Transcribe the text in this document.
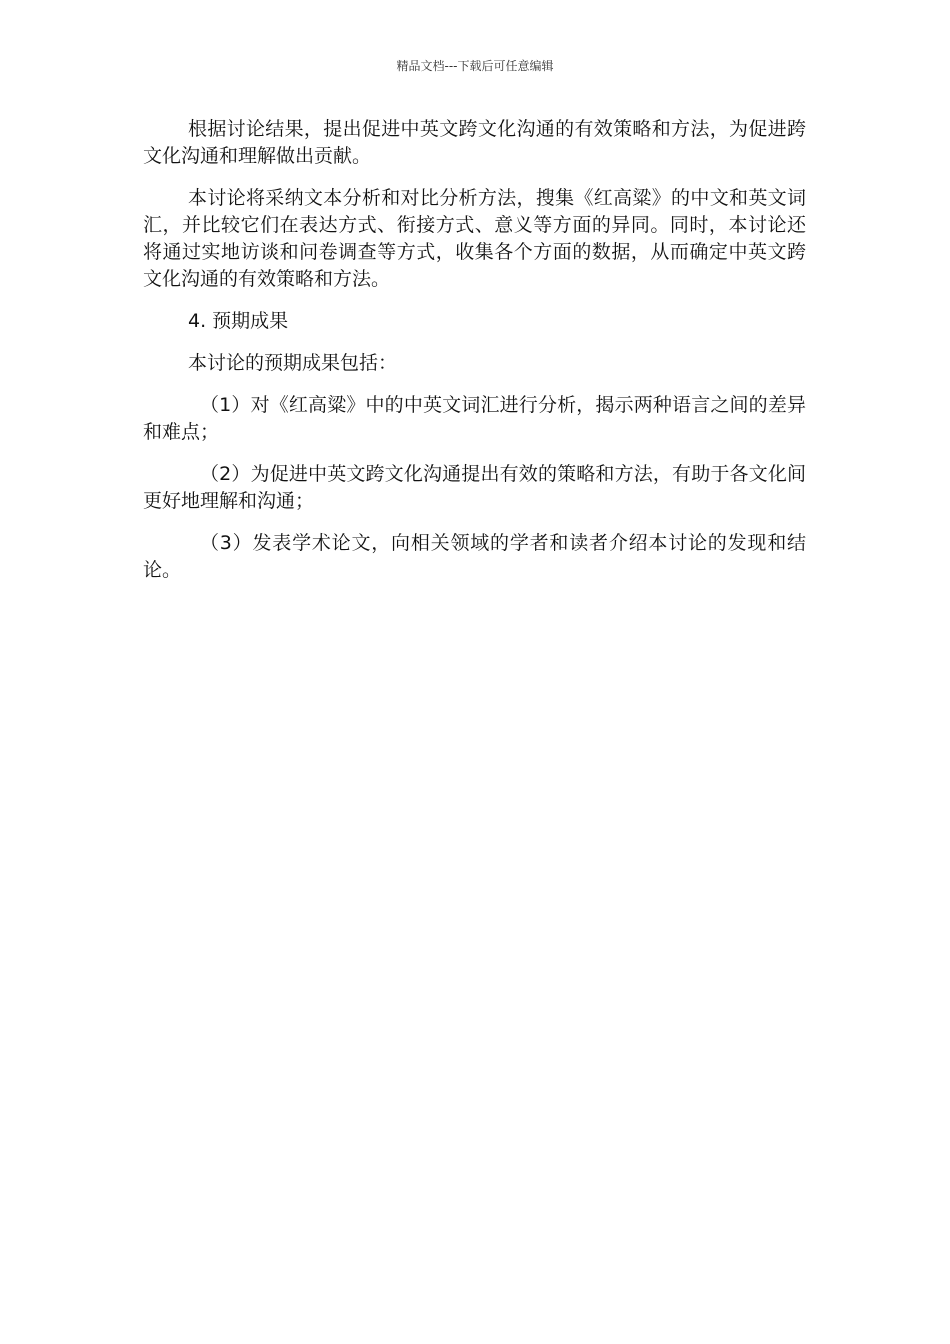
精品文档---下载后可任意编辑

根据讨论结果，提出促进中英文跨文化沟通的有效策略和方法，为促进跨文化沟通和理解做出贡献。

本讨论将采纳文本分析和对比分析方法，搜集《红高粱》的中文和英文词汇，并比较它们在表达方式、衔接方式、意义等方面的异同。同时，本讨论还将通过实地访谈和问卷调查等方式，收集各个方面的数据，从而确定中英文跨文化沟通的有效策略和方法。

4. 预期成果

本讨论的预期成果包括：

（1）对《红高粱》中的中英文词汇进行分析，揭示两种语言之间的差异和难点；

（2）为促进中英文跨文化沟通提出有效的策略和方法，有助于各文化间更好地理解和沟通；

（3）发表学术论文，向相关领域的学者和读者介绍本讨论的发现和结论。
